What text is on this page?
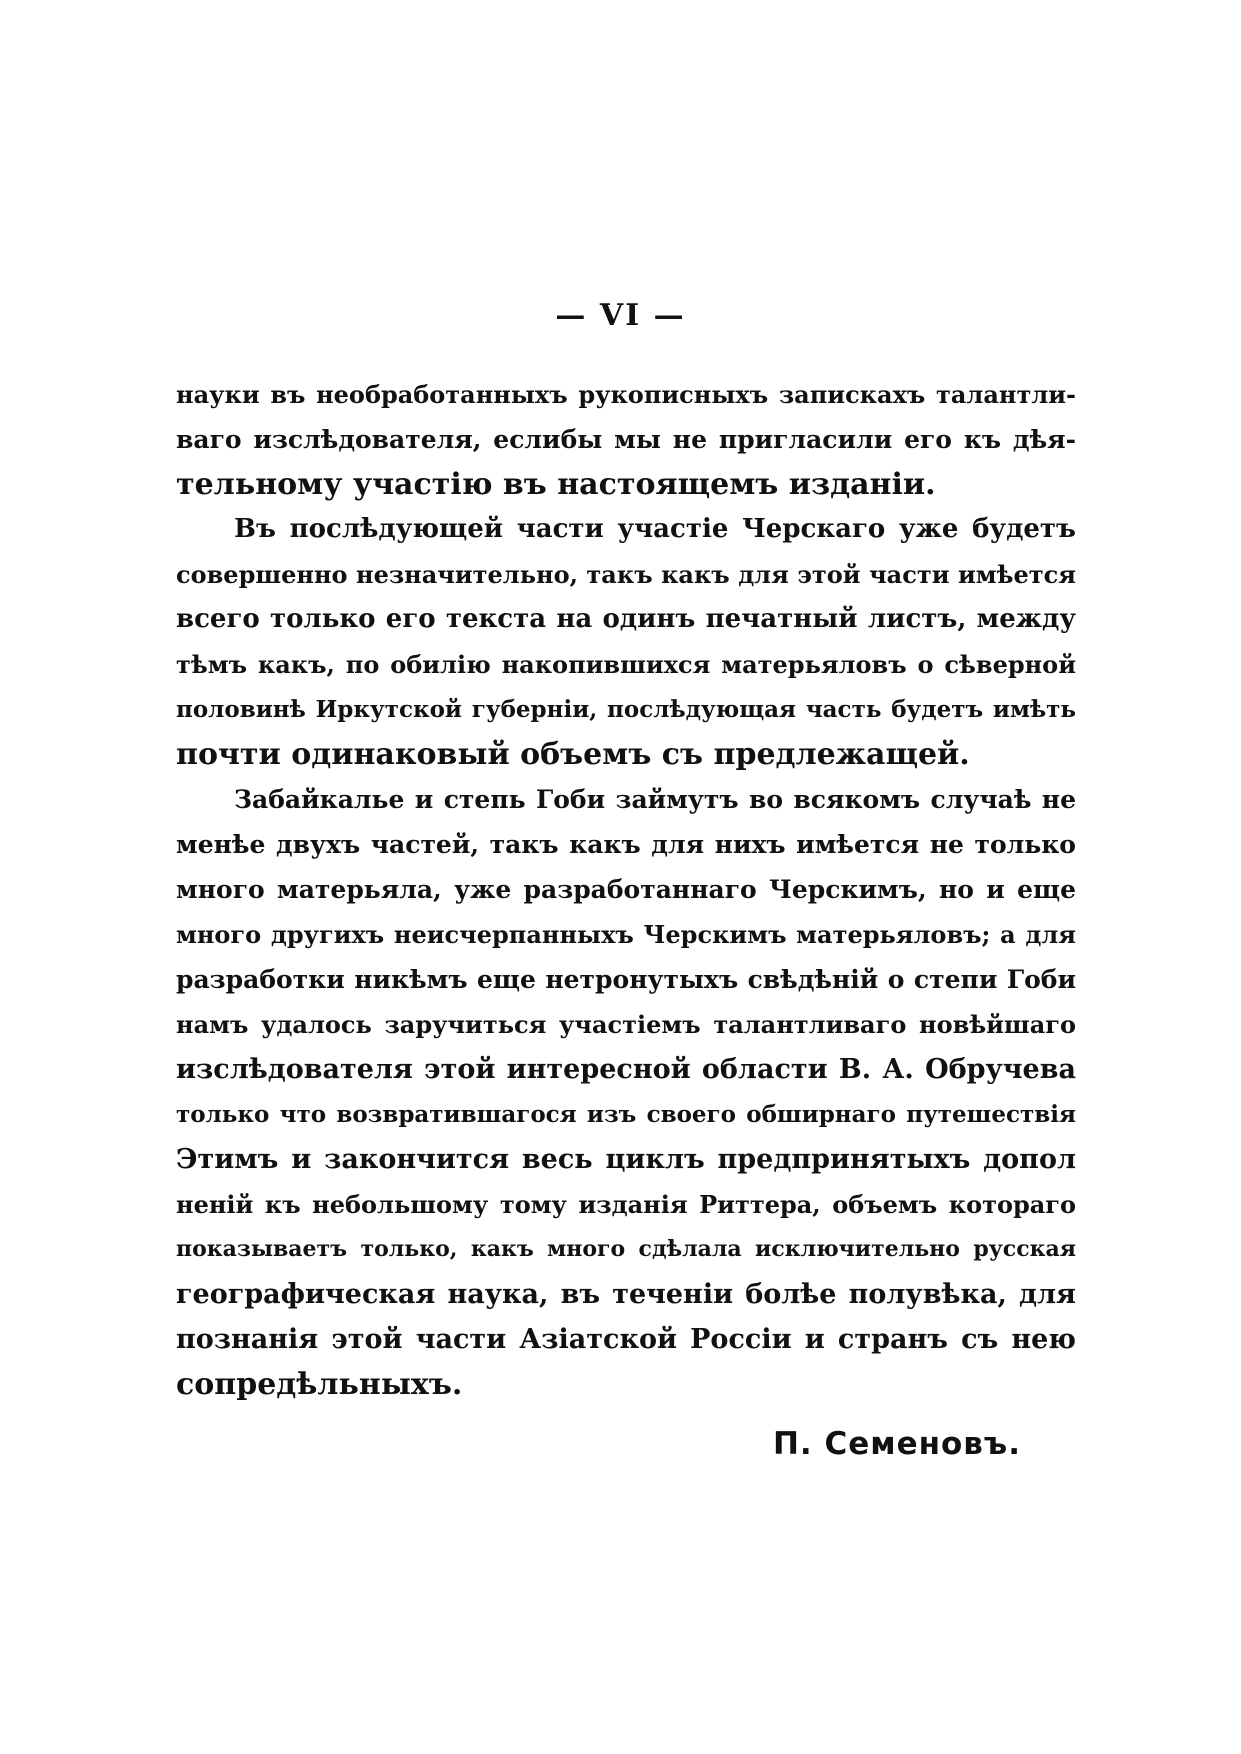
— VI —
науки въ необработанныхъ рукописныхъ запискахъ талантли-
ваго изслѣдователя, еслибы мы не пригласили его къ дѣя-
тельному участію въ настоящемъ изданіи.
Въ послѣдующей части участіе Черскаго уже будетъ
совершенно незначительно, такъ какъ для этой части имѣется
всего только его текста на одинъ печатный листъ, между
тѣмъ какъ, по обилію накопившихся матерьяловъ о сѣверной
половинѣ Иркутской губерніи, послѣдующая часть будетъ имѣть
почти одинаковый объемъ съ предлежащей.
Забайкалье и степь Гоби займутъ во всякомъ случаѣ не
менѣе двухъ частей, такъ какъ для нихъ имѣется не только
много матерьяла, уже разработаннаго Черскимъ, но и еще
много другихъ неисчерпанныхъ Черскимъ матерьяловъ; а для
разработки никѣмъ еще нетронутыхъ свѣдѣній о степи Гоби
намъ удалось заручиться участіемъ талантливаго новѣйшаго
изслѣдователя этой интересной области В. А. Обручева
только что возвратившагося изъ своего обширнаго путешествія
Этимъ и закончится весь циклъ предпринятыхъ допол
неній къ небольшому тому изданія Риттера, объемъ котораго
показываетъ только, какъ много сдѣлала исключительно русская
географическая наука, въ теченіи болѣе полувѣка, для
познанія этой части Азіатской Россіи и странъ съ нею
сопредѣльныхъ.
П. Семеновъ.
